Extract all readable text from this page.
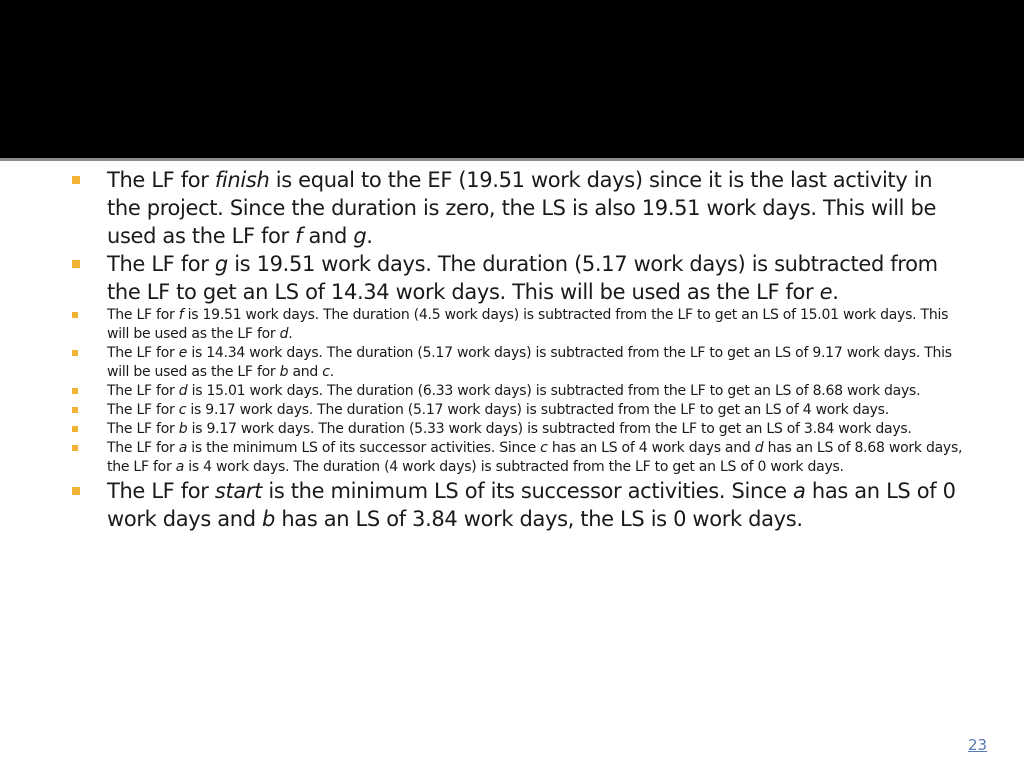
The LF for finish is equal to the EF (19.51 work days) since it is the last activity in the project. Since the duration is zero, the LS is also 19.51 work days. This will be used as the LF for f and g.
The LF for g is 19.51 work days. The duration (5.17 work days) is subtracted from the LF to get an LS of 14.34 work days. This will be used as the LF for e.
The LF for f is 19.51 work days. The duration (4.5 work days) is subtracted from the LF to get an LS of 15.01 work days. This will be used as the LF for d.
The LF for e is 14.34 work days. The duration (5.17 work days) is subtracted from the LF to get an LS of 9.17 work days. This will be used as the LF for b and c.
The LF for d is 15.01 work days. The duration (6.33 work days) is subtracted from the LF to get an LS of 8.68 work days.
The LF for c is 9.17 work days. The duration (5.17 work days) is subtracted from the LF to get an LS of 4 work days.
The LF for b is 9.17 work days. The duration (5.33 work days) is subtracted from the LF to get an LS of 3.84 work days.
The LF for a is the minimum LS of its successor activities. Since c has an LS of 4 work days and d has an LS of 8.68 work days, the LF for a is 4 work days. The duration (4 work days) is subtracted from the LF to get an LS of 0 work days.
The LF for start is the minimum LS of its successor activities. Since a has an LS of 0 work days and b has an LS of 3.84 work days, the LS is 0 work days.
23
